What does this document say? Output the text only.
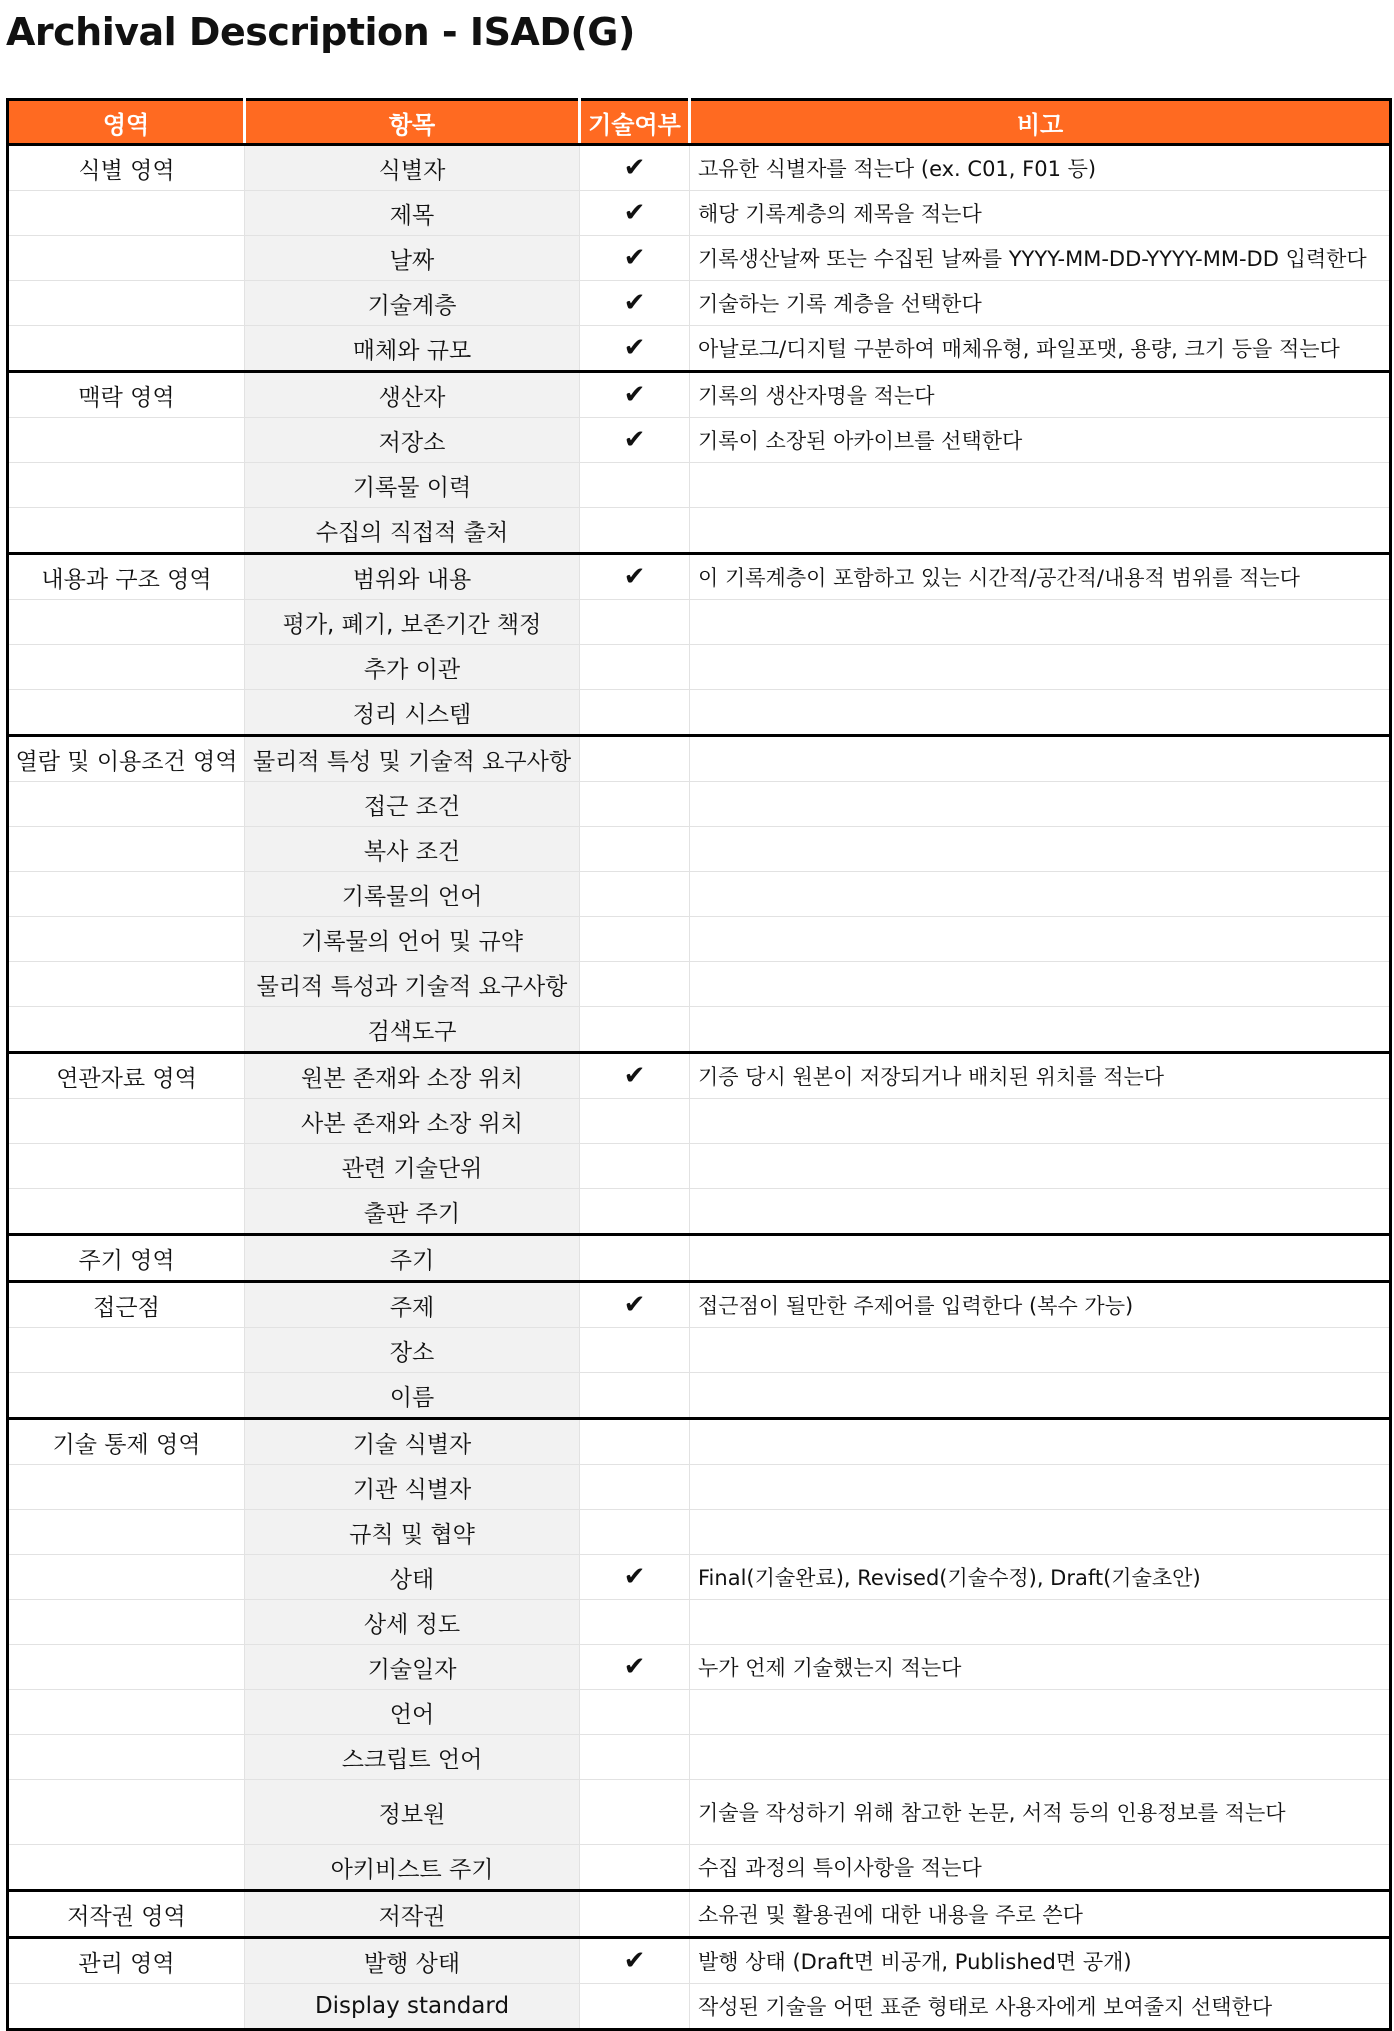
Archival Description - ISAD(G)
영역	항목	기술여부	비고
식별 영역	식별자	✔	고유한 식별자를 적는다 (ex. C01, F01 등)
	제목	✔	해당 기록계층의 제목을 적는다
	날짜	✔	기록생산날짜 또는 수집된 날짜를 YYYY-MM-DD-YYYY-MM-DD 입력한다
	기술계층	✔	기술하는 기록 계층을 선택한다
	매체와 규모	✔	아날로그/디지털 구분하여 매체유형, 파일포맷, 용량, 크기 등을 적는다
맥락 영역	생산자	✔	기록의 생산자명을 적는다
	저장소	✔	기록이 소장된 아카이브를 선택한다
	기록물 이력		
	수집의 직접적 출처		
내용과 구조 영역	범위와 내용	✔	이 기록계층이 포함하고 있는 시간적/공간적/내용적 범위를 적는다
	평가, 폐기, 보존기간 책정		
	추가 이관		
	정리 시스템		
열람 및 이용조건 영역	물리적 특성 및 기술적 요구사항		
	접근 조건		
	복사 조건		
	기록물의 언어		
	기록물의 언어 및 규약		
	물리적 특성과 기술적 요구사항		
	검색도구		
연관자료 영역	원본 존재와 소장 위치	✔	기증 당시 원본이 저장되거나 배치된 위치를 적는다
	사본 존재와 소장 위치		
	관련 기술단위		
	출판 주기		
주기 영역	주기		
접근점	주제	✔	접근점이 될만한 주제어를 입력한다 (복수 가능)
	장소		
	이름		
기술 통제 영역	기술 식별자		
	기관 식별자		
	규칙 및 협약		
	상태	✔	Final(기술완료), Revised(기술수정), Draft(기술초안)
	상세 정도		
	기술일자	✔	누가 언제 기술했는지 적는다
	언어		
	스크립트 언어		
	정보원		기술을 작성하기 위해 참고한 논문, 서적 등의 인용정보를 적는다
	아키비스트 주기		수집 과정의 특이사항을 적는다
저작권 영역	저작권		소유권 및 활용권에 대한 내용을 주로 쓴다
관리 영역	발행 상태	✔	발행 상태 (Draft면 비공개, Published면 공개)
	Display standard		작성된 기술을 어떤 표준 형태로 사용자에게 보여줄지 선택한다
